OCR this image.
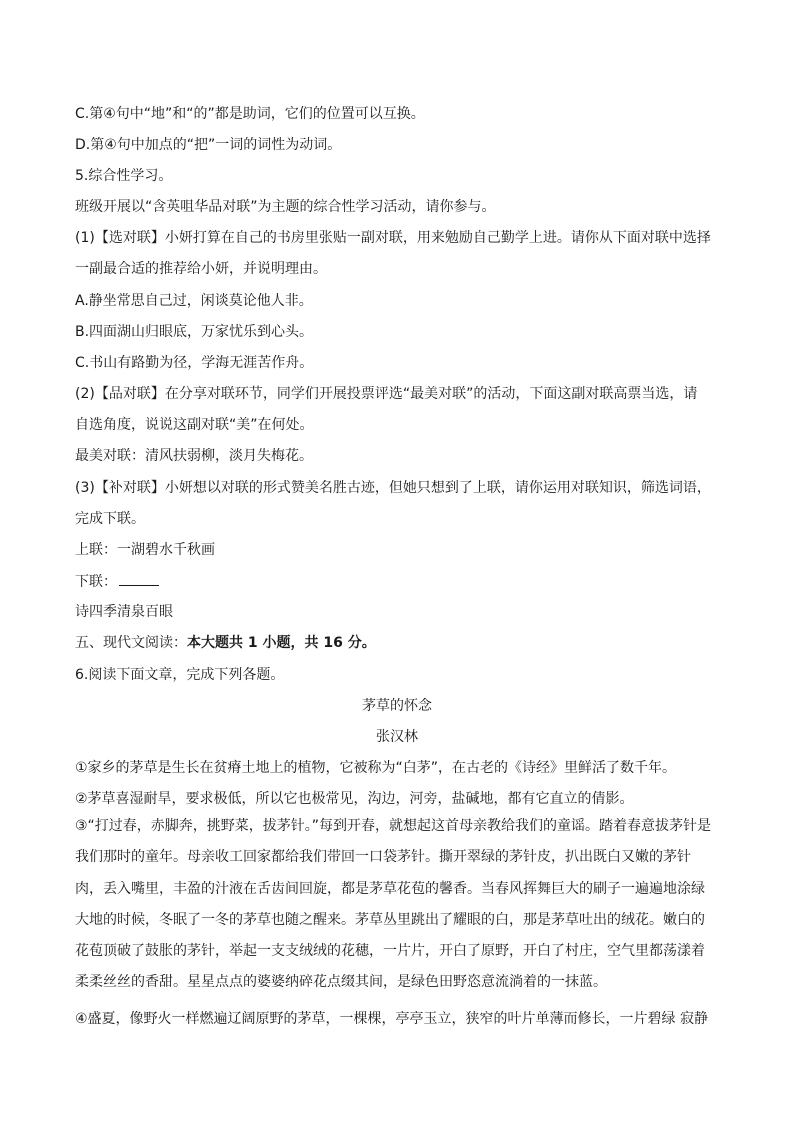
C.第④句中“地”和“的”都是助词，它们的位置可以互换。
D.第④句中加点的“把”一词的词性为动词。
5.综合性学习。
班级开展以“含英咀华品对联”为主题的综合性学习活动，请你参与。
(1)【选对联】小妍打算在自己的书房里张贴一副对联，用来勉励自己勤学上进。请你从下面对联中选择
一副最合适的推荐给小妍，并说明理由。
A.静坐常思自己过，闲谈莫论他人非。
B.四面湖山归眼底，万家忧乐到心头。
C.书山有路勤为径，学海无涯苦作舟。
(2)【品对联】在分享对联环节，同学们开展投票评选“最美对联”的活动，下面这副对联高票当选，请
自选角度，说说这副对联“美”在何处。
最美对联：清风扶弱柳，淡月失梅花。
(3)【补对联】小妍想以对联的形式赞美名胜古迹，但她只想到了上联，请你运用对联知识，筛选词语，
完成下联。
上联：一湖碧水千秋画
下联：
诗四季清泉百眼
五、现代文阅读：本大题共 1 小题，共 16 分。
6.阅读下面文章，完成下列各题。
茅草的怀念
张汉林
①家乡的茅草是生长在贫瘠土地上的植物，它被称为“白茅”，在古老的《诗经》里鲜活了数千年。
②茅草喜湿耐旱，要求极低，所以它也极常见，沟边，河旁，盐碱地，都有它直立的倩影。
③“打过春，赤脚奔，挑野菜，拔茅针。”每到开春，就想起这首母亲教给我们的童谣。踏着春意拔茅针是我们那时的童年。母亲收工回家都给我们带回一口袋茅针。撕开翠绿的茅针皮，扒出既白又嫩的茅针肉，丢入嘴里，丰盈的汁液在舌齿间回旋，都是茅草花苞的馨香。当春风挥舞巨大的刷子一遍遍地涂绿大地的时候，冬眠了一冬的茅草也随之醒来。茅草丛里跳出了耀眼的白，那是茅草吐出的绒花。嫩白的花苞顶破了鼓胀的茅针，举起一支支绒绒的花穗，一片片，开白了原野，开白了村庄，空气里都荡漾着柔柔丝丝的香甜。星星点点的婆婆纳碎花点缀其间，是绿色田野恣意流淌着的一抹蓝。
④盛夏，像野火一样燃遍辽阔原野的茅草，一棵棵，亭亭玉立，狭窄的叶片单薄而修长，一片碧绿 寂静
